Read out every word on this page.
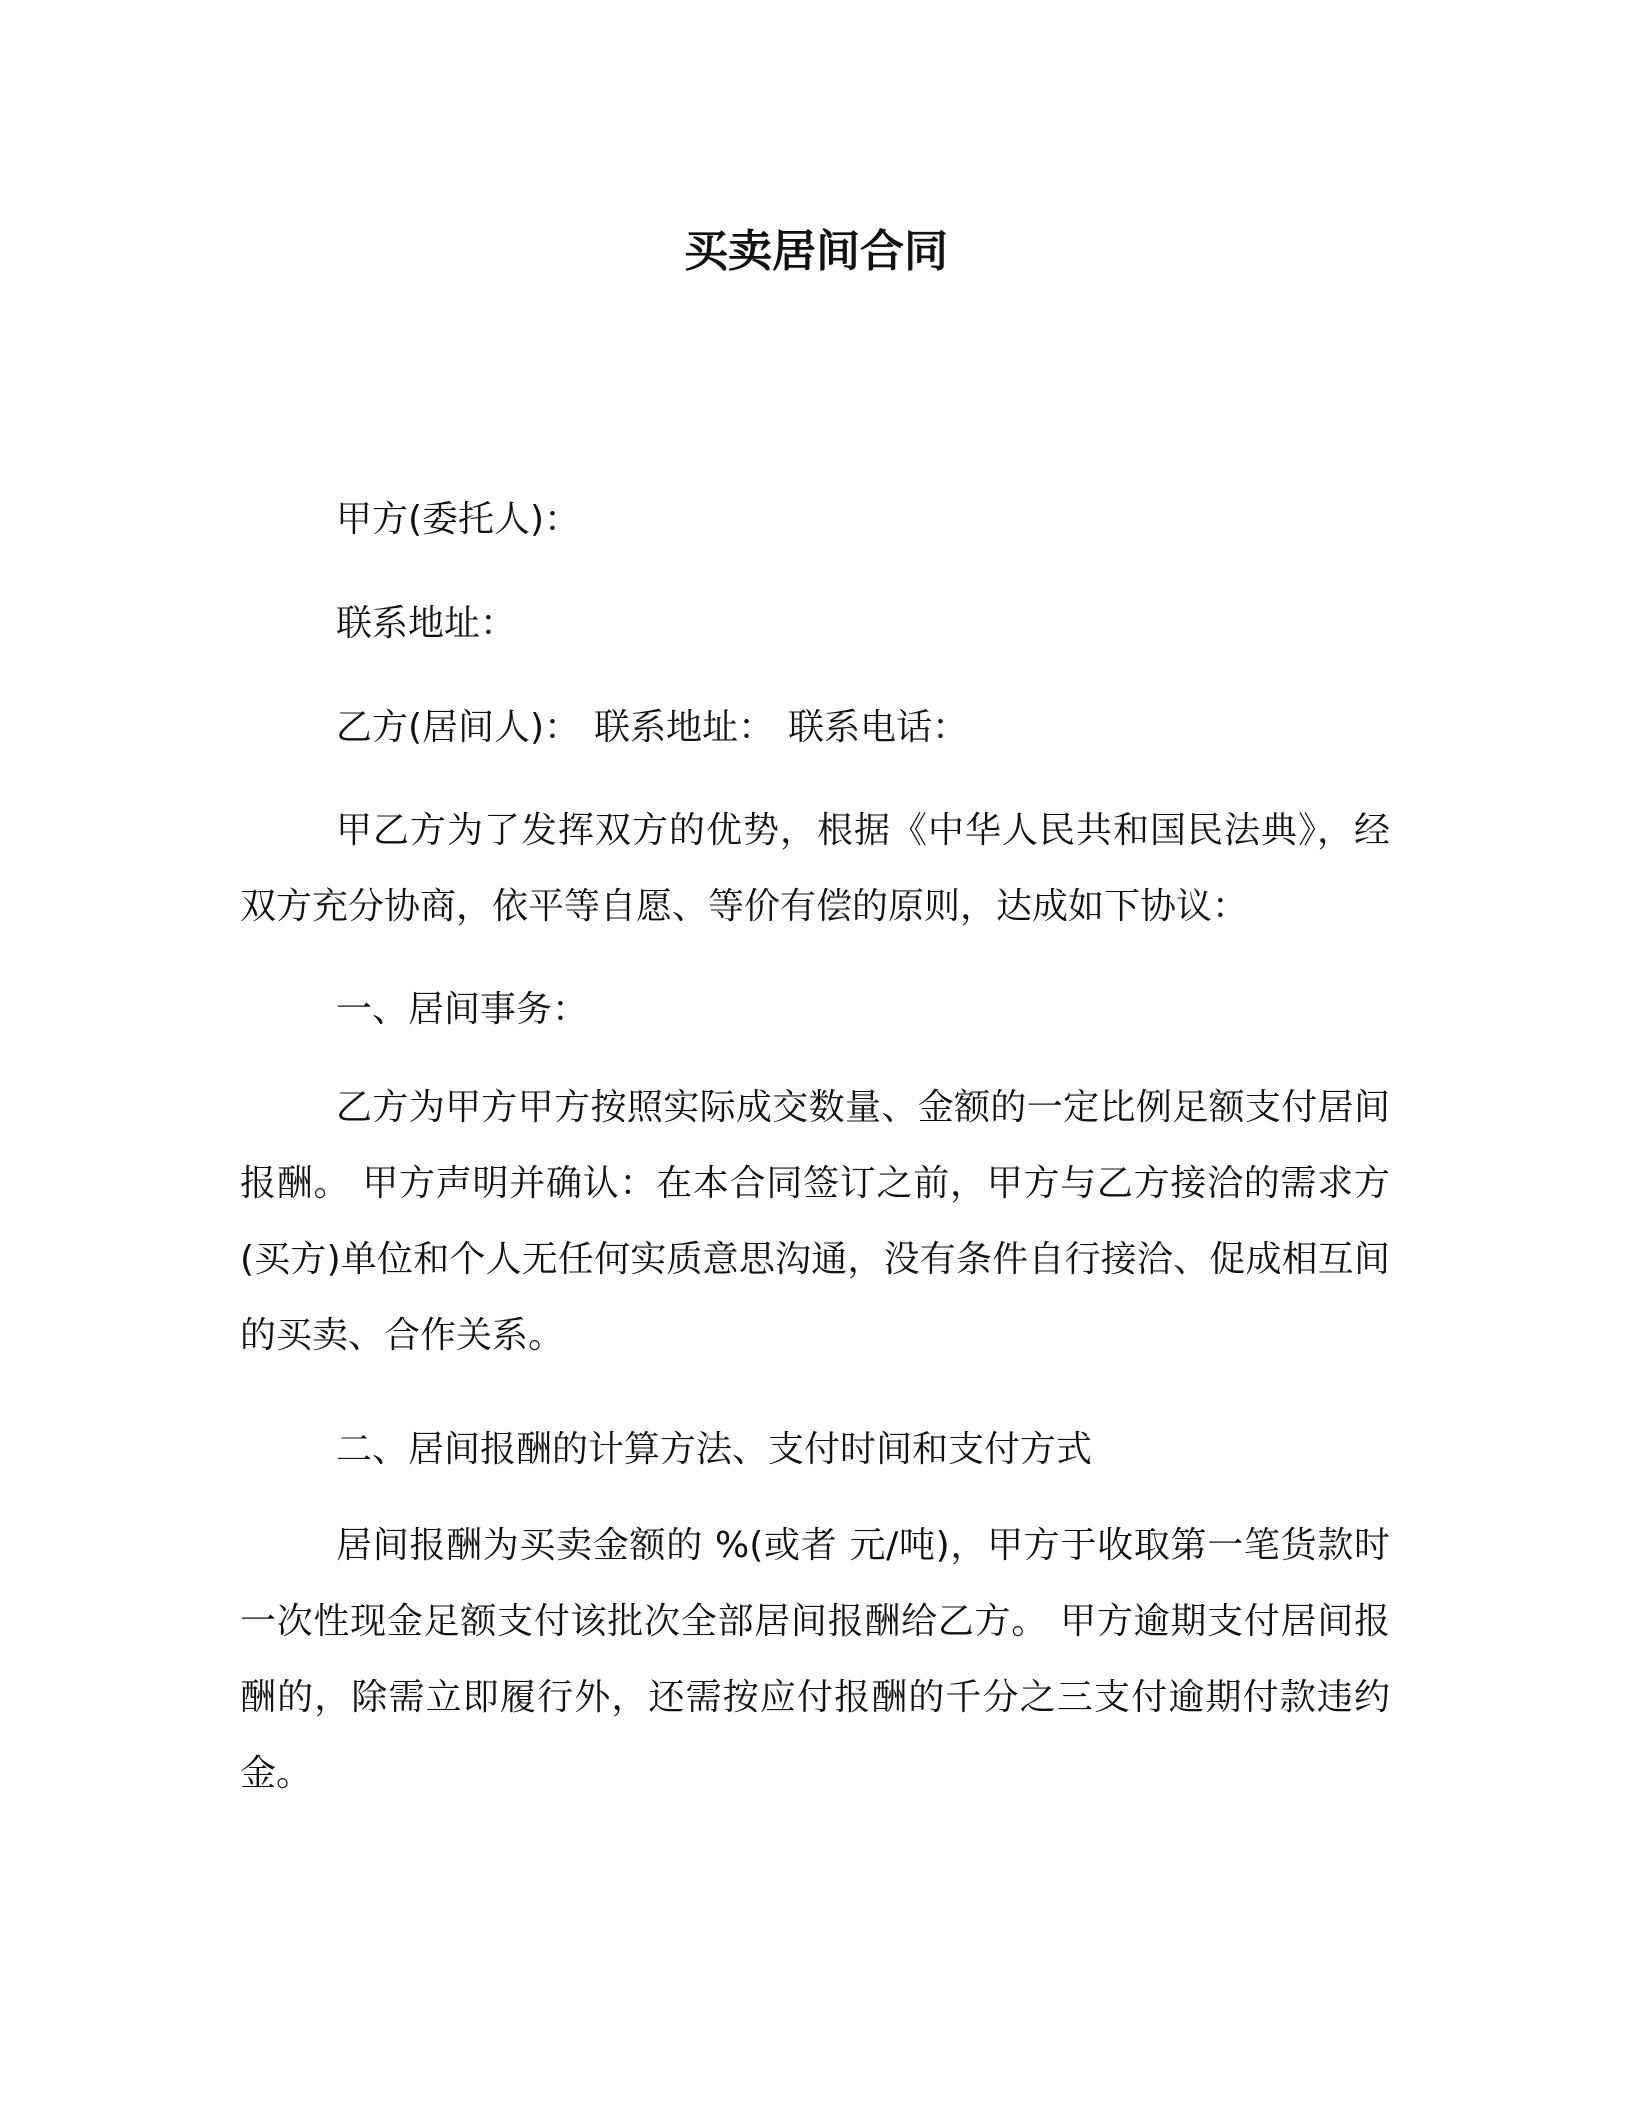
买卖居间合同
甲方(委托人)：
联系地址：
乙方(居间人)： 联系地址： 联系电话：
甲乙方为了发挥双方的优势，根据《中华人民共和国民法典》，经双方充分协商，依平等自愿、等价有偿的原则，达成如下协议：
一、居间事务：
乙方为甲方甲方按照实际成交数量、金额的一定比例足额支付居间报酬。 甲方声明并确认：在本合同签订之前，甲方与乙方接洽的需求方(买方)单位和个人无任何实质意思沟通，没有条件自行接洽、促成相互间的买卖、合作关系。
二、居间报酬的计算方法、支付时间和支付方式
居间报酬为买卖金额的 %(或者 元/吨)，甲方于收取第一笔货款时一次性现金足额支付该批次全部居间报酬给乙方。 甲方逾期支付居间报酬的，除需立即履行外，还需按应付报酬的千分之三支付逾期付款违约金。
